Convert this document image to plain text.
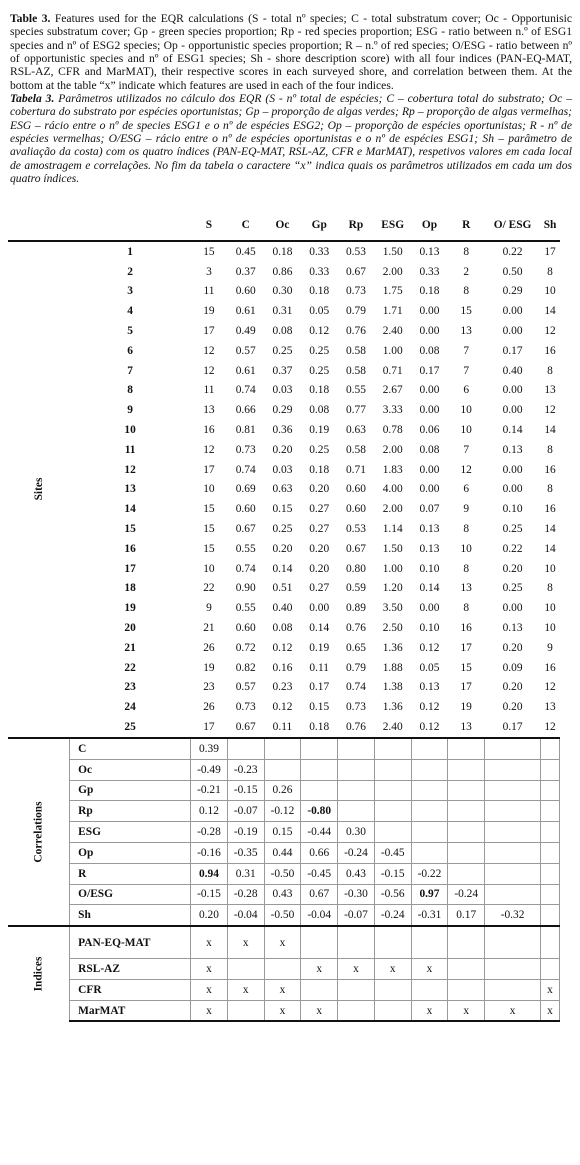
Table 3. Features used for the EQR calculations (S - total nº species; C - total substratum cover; Oc - Opportunisic species substratum cover; Gp - green species proportion; Rp - red species proportion; ESG - ratio between n.º of ESG1 species and nº of ESG2 species; Op - opportunistic species proportion; R – n.º of red species; O/ESG - ratio between nº of opportunistic species and nº of ESG1 species; Sh - shore description score) with all four indices (PAN-EQ-MAT, RSL-AZ, CFR and MarMAT), their respective scores in each surveyed shore, and correlation between them. At the bottom at the table “x” indicate which features are used in each of the four indices.

Tabela 3. Parâmetros utilizados no cálculo dos EQR (S - nº total de espécies; C – cobertura total do substrato; Oc – cobertura do substrato por espécies oportunistas; Gp – proporção de algas verdes; Rp – proporção de algas vermelhas; ESG – rácio entre o nº de species ESG1 e o nº de espécies ESG2; Op – proporção de espécies oportunistas; R - nº de espécies vermelhas; O/ESG – rácio entre o nº de espécies oportunistas e o nº de espécies ESG1; Sh – parâmetro de avaliação da costa) com os quatro índices (PAN-EQ-MAT, RSL-AZ, CFR e MarMAT), respetivos valores em cada local de amostragem e correlações. No fim da tabela o caractere “x” indica quais os parâmetros utilizados em cada um dos quatro índices.

		S	C	Oc	Gp	Rp	ESG	Op	R	O/ ESG	Sh

Sites	1	15	0.45	0.18	0.33	0.53	1.50	0.13	8	0.22	17
	2	3	0.37	0.86	0.33	0.67	2.00	0.33	2	0.50	8
	3	11	0.60	0.30	0.18	0.73	1.75	0.18	8	0.29	10
	4	19	0.61	0.31	0.05	0.79	1.71	0.00	15	0.00	14
	5	17	0.49	0.08	0.12	0.76	2.40	0.00	13	0.00	12
	6	12	0.57	0.25	0.25	0.58	1.00	0.08	7	0.17	16
	7	12	0.61	0.37	0.25	0.58	0.71	0.17	7	0.40	8
	8	11	0.74	0.03	0.18	0.55	2.67	0.00	6	0.00	13
	9	13	0.66	0.29	0.08	0.77	3.33	0.00	10	0.00	12
	10	16	0.81	0.36	0.19	0.63	0.78	0.06	10	0.14	14
	11	12	0.73	0.20	0.25	0.58	2.00	0.08	7	0.13	8
	12	17	0.74	0.03	0.18	0.71	1.83	0.00	12	0.00	16
	13	10	0.69	0.63	0.20	0.60	4.00	0.00	6	0.00	8
	14	15	0.60	0.15	0.27	0.60	2.00	0.07	9	0.10	16
	15	15	0.67	0.25	0.27	0.53	1.14	0.13	8	0.25	14
	16	15	0.55	0.20	0.20	0.67	1.50	0.13	10	0.22	14
	17	10	0.74	0.14	0.20	0.80	1.00	0.10	8	0.20	10
	18	22	0.90	0.51	0.27	0.59	1.20	0.14	13	0.25	8
	19	9	0.55	0.40	0.00	0.89	3.50	0.00	8	0.00	10
	20	21	0.60	0.08	0.14	0.76	2.50	0.10	16	0.13	10
	21	26	0.72	0.12	0.19	0.65	1.36	0.12	17	0.20	9
	22	19	0.82	0.16	0.11	0.79	1.88	0.05	15	0.09	16
	23	23	0.57	0.23	0.17	0.74	1.38	0.13	17	0.20	12
	24	26	0.73	0.12	0.15	0.73	1.36	0.12	19	0.20	13
	25	17	0.67	0.11	0.18	0.76	2.40	0.12	13	0.17	12

Correlations	C	0.39									
	Oc	-0.49	-0.23								
	Gp	-0.21	-0.15	0.26							
	Rp	0.12	-0.07	-0.12	-0.80						
	ESG	-0.28	-0.19	0.15	-0.44	0.30					
	Op	-0.16	-0.35	0.44	0.66	-0.24	-0.45				
	R	0.94	0.31	-0.50	-0.45	0.43	-0.15	-0.22			
	O/ESG	-0.15	-0.28	0.43	0.67	-0.30	-0.56	0.97	-0.24		
	Sh	0.20	-0.04	-0.50	-0.04	-0.07	-0.24	-0.31	0.17	-0.32	

Indices	PAN-EQ-MAT	x	x	x							
	RSL-AZ	x			x	x	x	x			
	CFR	x	x	x							x
	MarMAT	x		x	x			x	x	x	x
